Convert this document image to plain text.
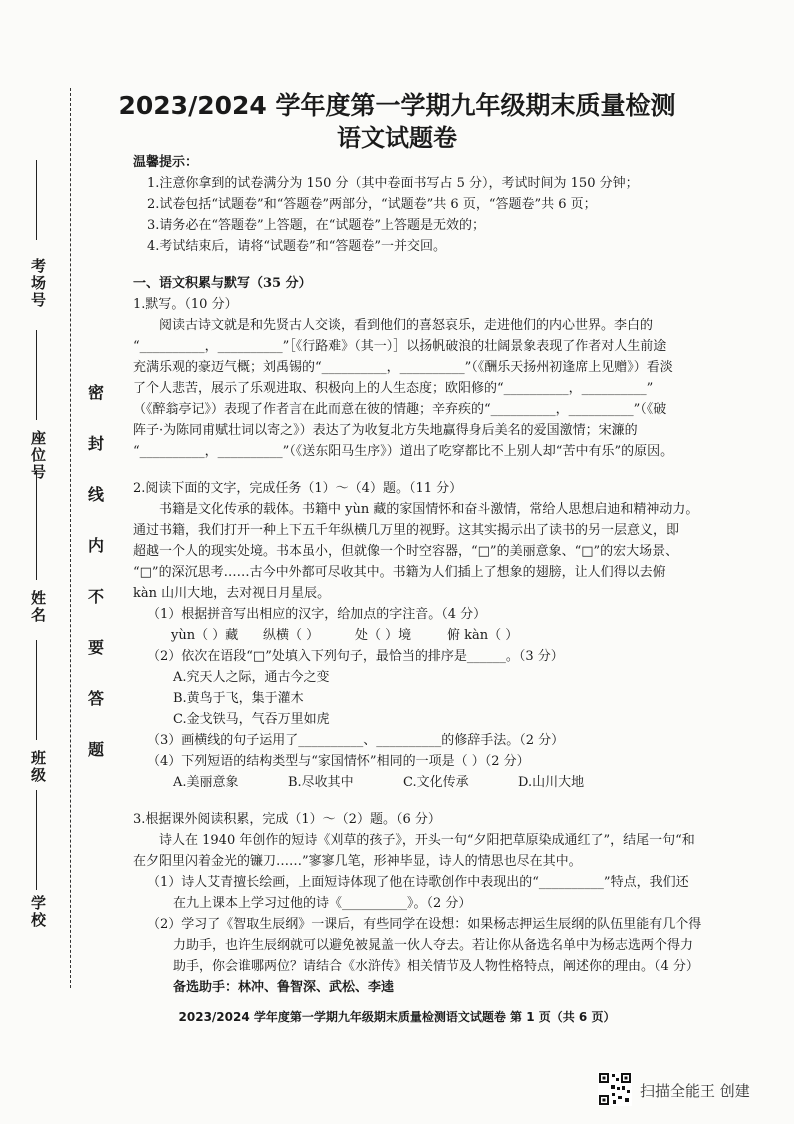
考场号
座位号
姓名
班级
学校
密
封
线
内
不
要
答
题
2023/2024 学年度第一学期九年级期末质量检测
语文试题卷

温馨提示：

1.注意你拿到的试卷满分为 150 分（其中卷面书写占 5 分），考试时间为 150 分钟；

2.试卷包括“试题卷”和“答题卷”两部分，“试题卷”共 6 页，“答题卷”共 6 页；

3.请务必在“答题卷”上答题，在“试题卷”上答题是无效的；

4.考试结束后，请将“试题卷”和“答题卷”一并交回。

一、语文积累与默写（35 分）

1.默写。（10 分）

阅读古诗文就是和先贤古人交谈，看到他们的喜怒哀乐，走进他们的内心世界。李白的

“__________，__________”［《行路难》（其一）］以扬帆破浪的壮阔景象表现了作者对人生前途

充满乐观的豪迈气概；刘禹锡的“__________，__________”（《酬乐天扬州初逢席上见赠》）看淡

了个人悲苦，展示了乐观进取、积极向上的人生态度；欧阳修的“__________，__________”

（《醉翁亭记》）表现了作者言在此而意在彼的情趣；辛弃疾的“__________，__________”（《破

阵子·为陈同甫赋壮词以寄之》）表达了为收复北方失地赢得身后美名的爱国激情；宋濂的

“__________，__________”（《送东阳马生序》）道出了吃穿都比不上别人却“苦中有乐”的原因。

2.阅读下面的文字，完成任务（1）～（4）题。（11 分）

书籍是文化传承的载体。书籍中 yùn 藏的家国情怀和奋斗激情，常给人思想启迪和精神动力。

通过书籍，我们打开一种上下五千年纵横几万里的视野。这其实揭示出了读书的另一层意义，即

超越一个人的现实处境。书本虽小，但就像一个时空容器，“□”的美丽意象、“□”的宏大场景、

“□”的深沉思考……古今中外都可尽收其中。书籍为人们插上了想象的翅膀，让人们得以去俯

kàn 山川大地，去对视日月星辰。

（1）根据拼音写出相应的汉字，给加点的字注音。（4 分）

yùn（ ）藏	纵横（ ）	处（ ）境	俯 kàn（ ）

（2）依次在语段“□”处填入下列句子，最恰当的排序是______。（3 分）

A.究天人之际，通古今之变

B.黄鸟于飞，集于灌木

C.金戈铁马，气吞万里如虎

（3）画横线的句子运用了__________、__________的修辞手法。（2 分）

（4）下列短语的结构类型与“家国情怀”相同的一项是（ ）（2 分）

A.美丽意象	B.尽收其中	C.文化传承	D.山川大地

3.根据课外阅读积累，完成（1）～（2）题。（6 分）

诗人在 1940 年创作的短诗《刈草的孩子》，开头一句“夕阳把草原染成通红了”，结尾一句“和

在夕阳里闪着金光的镰刀……”寥寥几笔，形神毕显，诗人的情思也尽在其中。

（1）诗人艾青擅长绘画，上面短诗体现了他在诗歌创作中表现出的“__________”特点，我们还

在九上课本上学习过他的诗《__________》。（2 分）

（2）学习了《智取生辰纲》一课后，有些同学在设想：如果杨志押运生辰纲的队伍里能有几个得

力助手，也许生辰纲就可以避免被晁盖一伙人夺去。若让你从备选名单中为杨志选两个得力

助手，你会谁哪两位？请结合《水浒传》相关情节及人物性格特点，阐述你的理由。（4 分）

备选助手：林冲、鲁智深、武松、李逵

2023/2024 学年度第一学期九年级期末质量检测语文试题卷 第 1 页（共 6 页）
扫描全能王 创建
